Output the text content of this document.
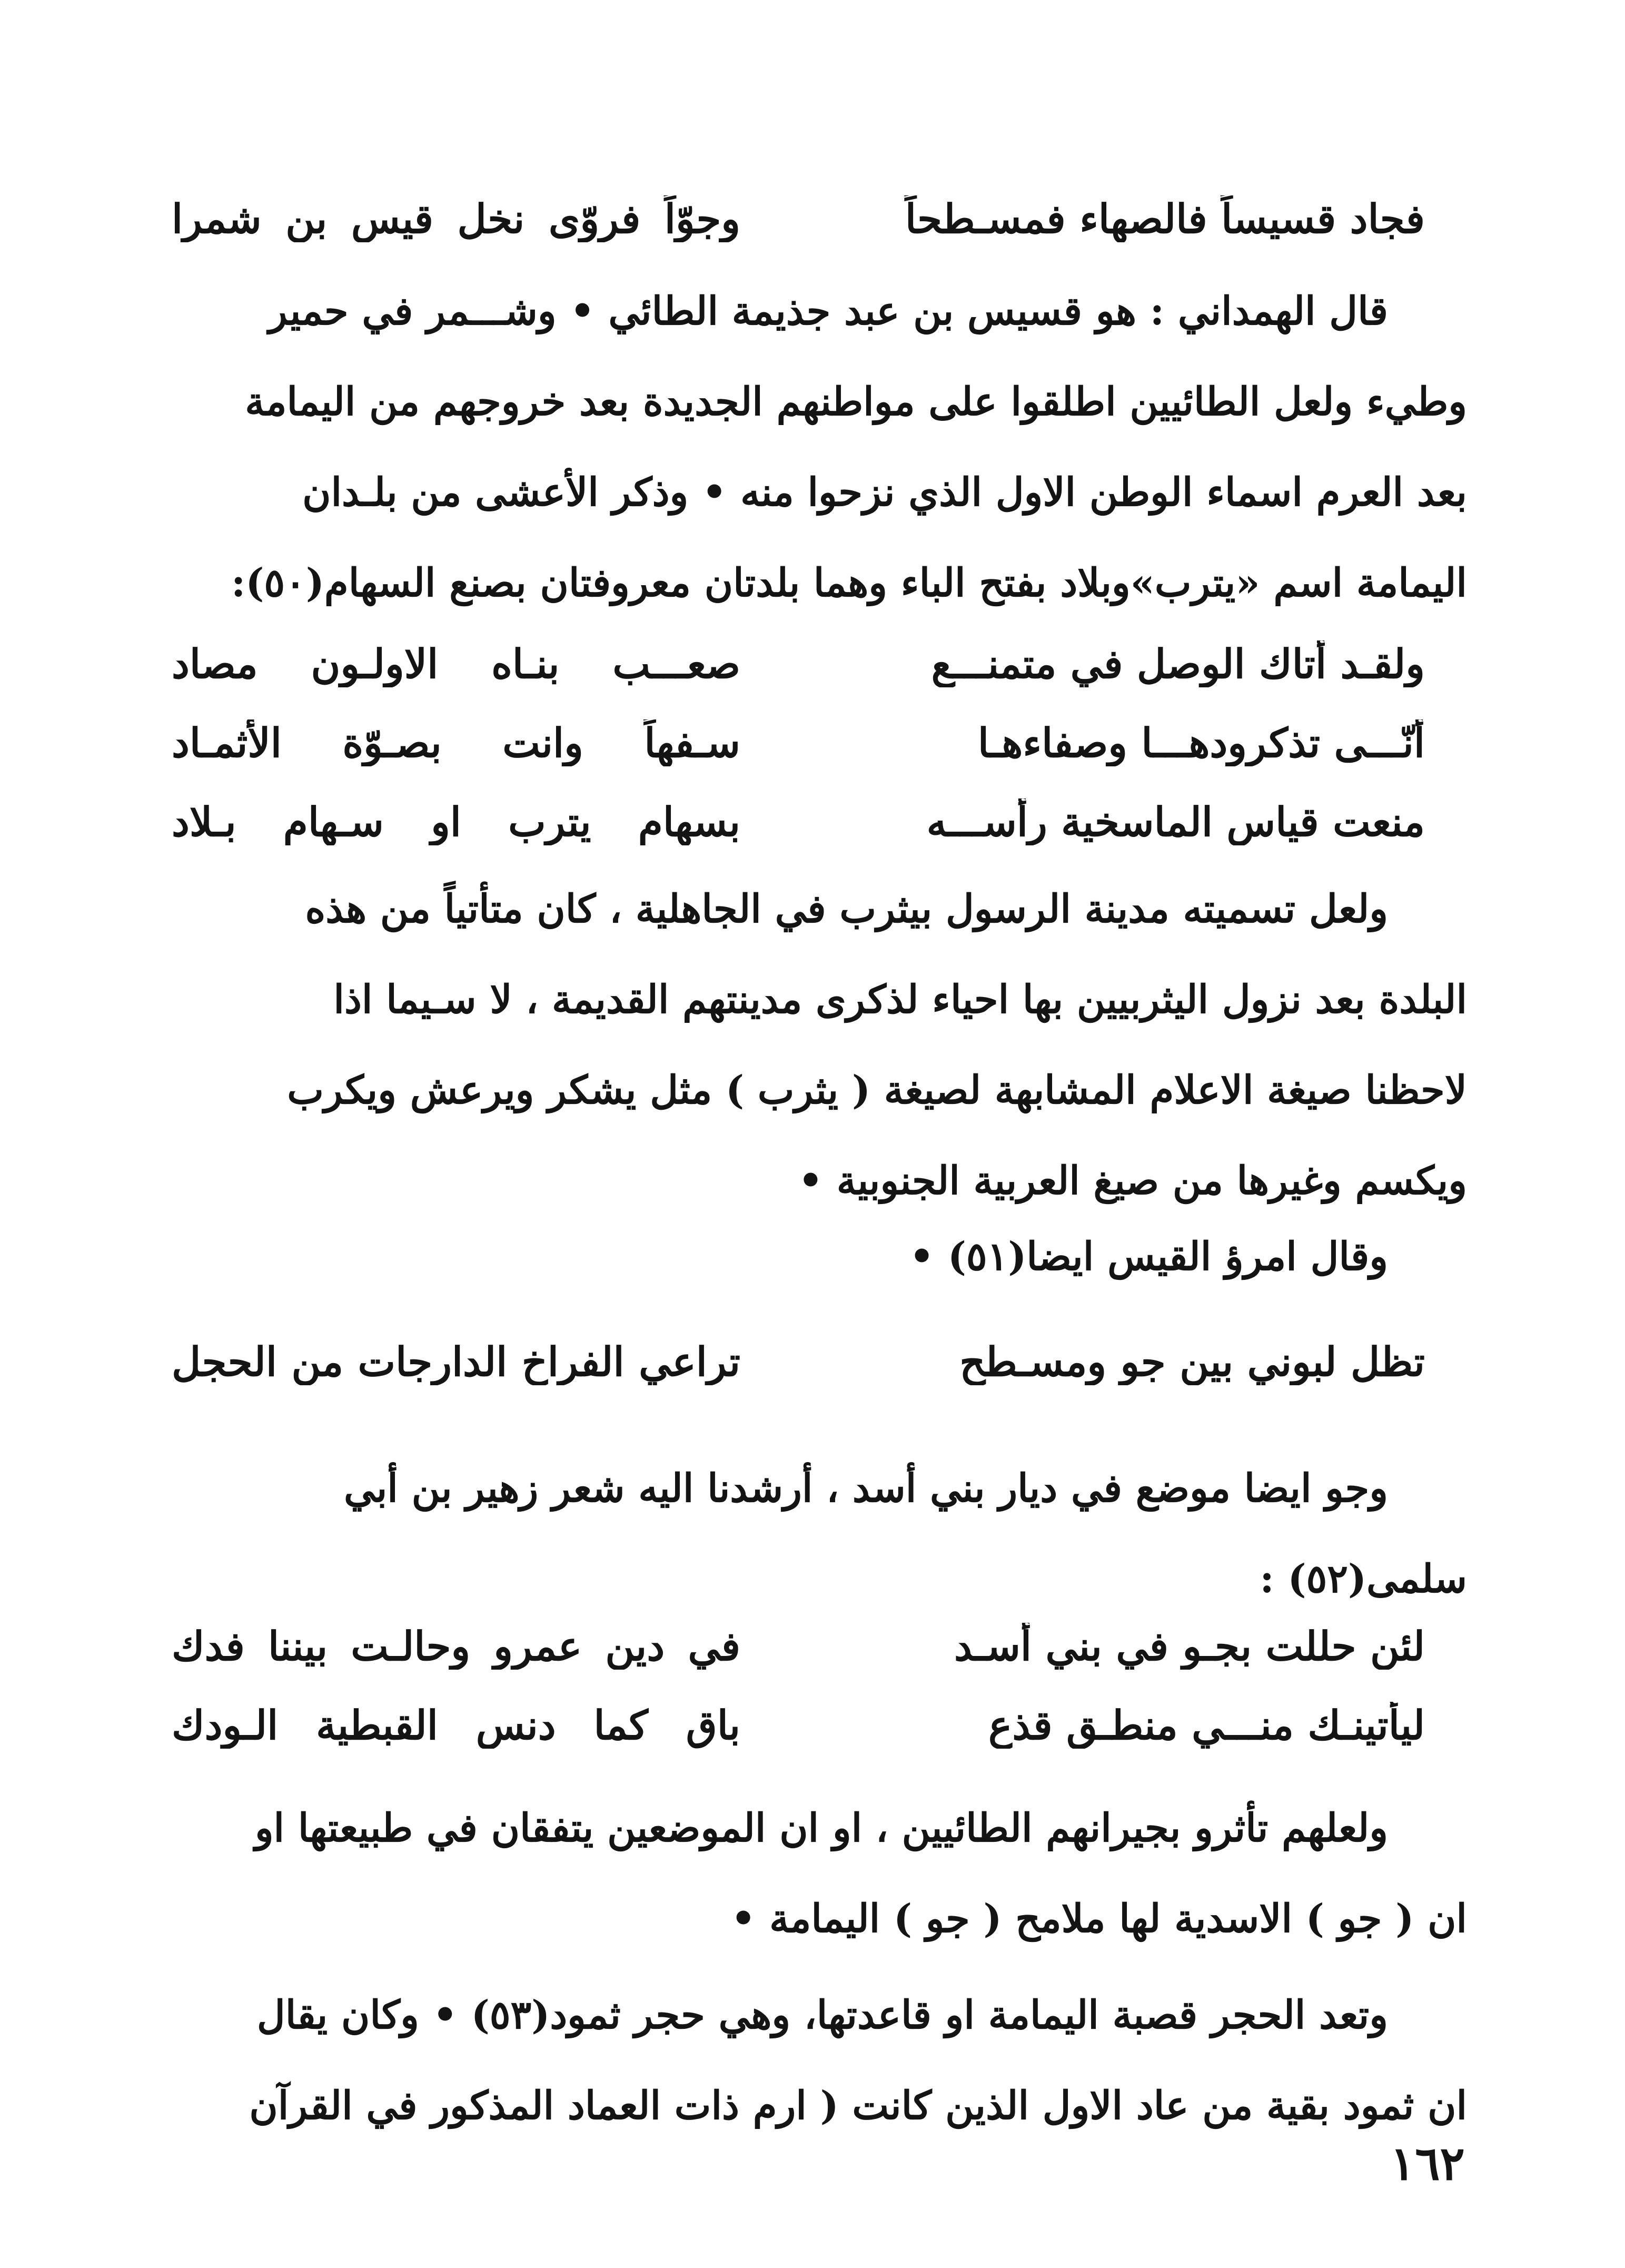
فجاد قسيساً فالصهاء فمسـطحاً
وجوّاً فروّى نخل قيس بن شمرا
قال الهمداني : هو قسيس بن عبد جذيمة الطائي • وشـــمر في حمير
وطيء ولعل الطائيين اطلقوا على مواطنهم الجديدة بعد خروجهم من اليمامة
بعد العرم اسماء الوطن الاول الذي نزحوا منه • وذكر الأعشى من بلـدان
اليمامة اسم «يترب»وبلاد بفتح الباء وهما بلدتان معروفتان بصنع السهام(٥٠):
ولقـد أتاك الوصل في متمنـــع
صعـــب بنـاه الاولـون مصاد
أنّـــى تذكرودهـــا وصفاءهـا
سـفهاً وانت بصـوّة الأثمـاد
منعت قياس الماسخية رأســـه
بسهام يترب او سـهام بـلاد
ولعل تسميته مدينة الرسول بيثرب في الجاهلية ، كان متأتياً من هذه
البلدة بعد نزول اليثربيين بها احياء لذكرى مدينتهم القديمة ، لا سـيما اذا
لاحظنا صيغة الاعلام المشابهة لصيغة ( يثرب ) مثل يشكر ويرعش ويكرب
ويكسم وغيرها من صيغ العربية الجنوبية •
وقال امرؤ القيس ايضا(٥١) •
تظل لبوني بين جو ومسـطح
تراعي الفراخ الدارجات من الحجل
وجو ايضا موضع في ديار بني أسد ، أرشدنا اليه شعر زهير بن أبي
سلمى(٥٢) :
لئن حللت بجـو في بني أسـد
في دين عمرو وحالـت بيننا فدك
ليأتينـك منـــي منطـق قذع
باق كما دنس القبطية الـودك
ولعلهم تأثرو بجيرانهم الطائيين ، او ان الموضعين يتفقان في طبيعتها او
ان ( جو ) الاسدية لها ملامح ( جو ) اليمامة •
وتعد الحجر قصبة اليمامة او قاعدتها، وهي حجر ثمود(٥٣) • وكان يقال
ان ثمود بقية من عاد الاول الذين كانت ( ارم ذات العماد المذكور في القرآن
١٦٢
